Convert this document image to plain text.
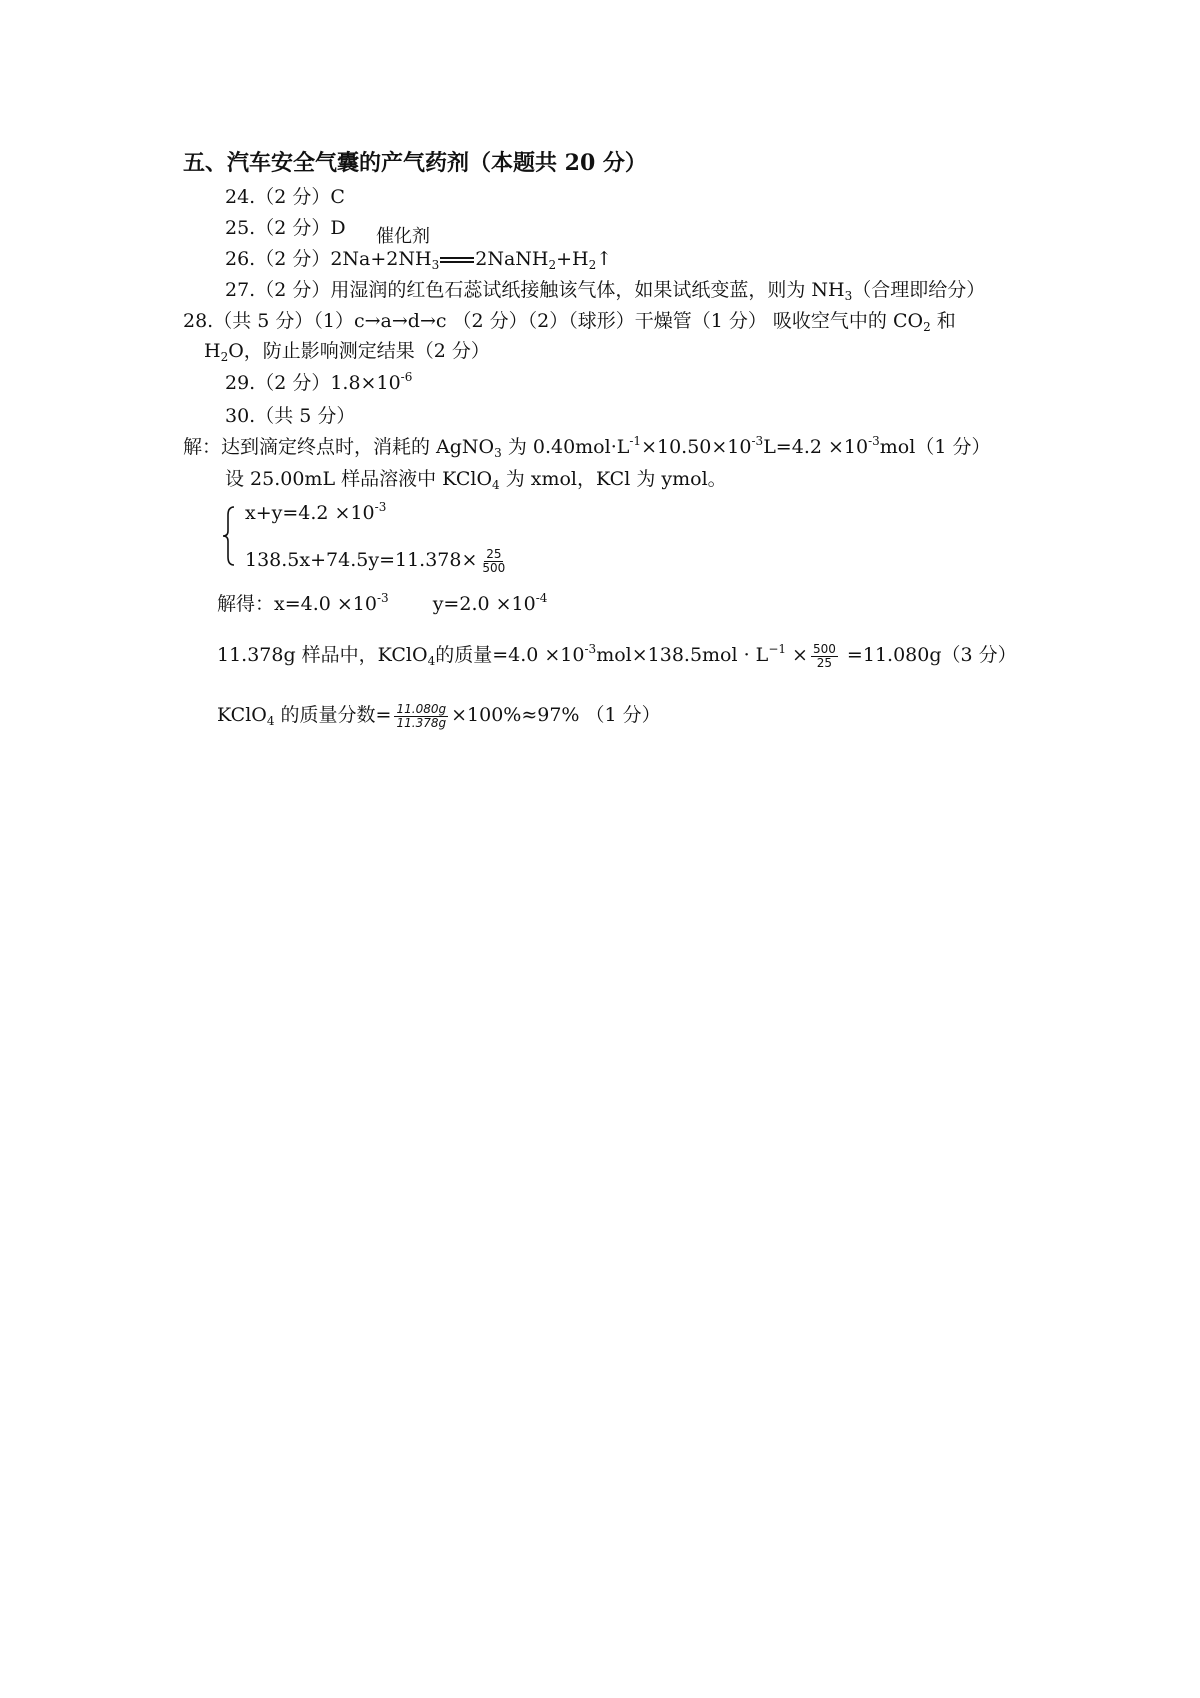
五、汽车安全气囊的产气药剂（本题共 20 分）
24.（2 分）C
25.（2 分）D 催化剂
26.（2 分）$2Na+2NH_3$ $2NaNH_2+H_2↑$
27.（2 分）用湿润的红色石蕊试纸接触该气体，如果试纸变蓝，则为 $NH_3$（合理即给分）
28.（共 5 分）（1）c→a→d→c （2 分）（2）（球形）干燥管（1 分） 吸收空气中的 $CO_2$ 和
$H_2O$，防止影响测定结果（2 分）
29.（2 分）$1.8\times 10^{-6}$
30.（共 5 分）
解：达到滴定终点时，消耗的 AgNO$_3$ 为 $0.40mol\cdot L^{-1}\times 10.50\times 10^{-3}L=4.2 \times 10^{-3}mol(1$ 分）
设 25.00mL 样品溶液中 KClO$_4$ 为 xmol，KCl 为 ymol。
$x+y=4.2 \times 10^{-3}$
$138.5x+74.5y=11.378\times \frac{25}{500}$
解得：$x=4.0 \times 10^{-3}$ $y=2.0 \times 10^{-4}$
11.378g 样品中，KClO$_4$的质量$=4.0 \times 10^{-3}mol\times 138.5mol \cdot L^{-1} \times \frac{500}{25} =11.080g(3$ 分）
KClO$_4$ 的质量分数= $\frac{11.080g}{11.378g} \times 100\%\approx 97\%$ （1 分）
